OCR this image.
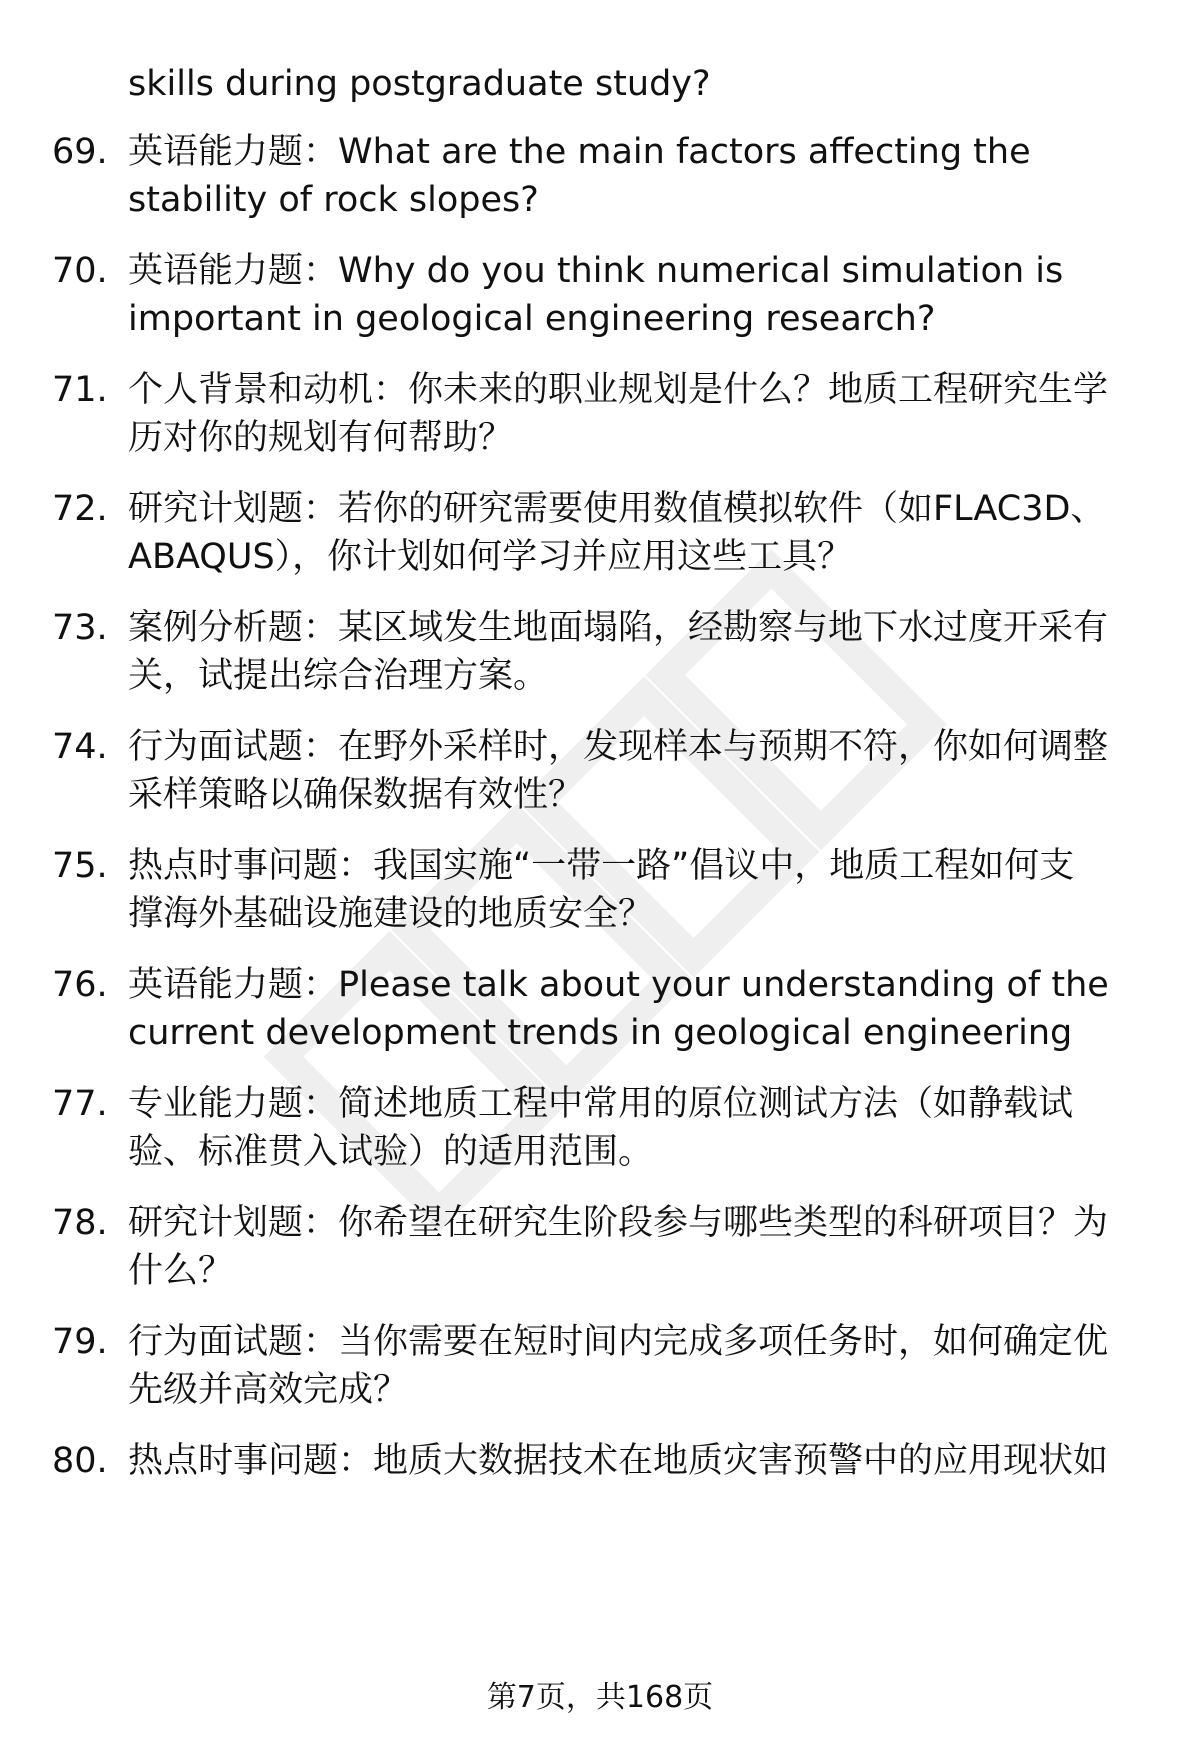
skills during postgraduate study?
69. 英语能力题：What are the main factors affecting the
stability of rock slopes?
70. 英语能力题：Why do you think numerical simulation is
important in geological engineering research?
71. 个人背景和动机：你未来的职业规划是什么？地质工程研究生学
历对你的规划有何帮助？
72. 研究计划题：若你的研究需要使用数值模拟软件（如FLAC3D、
ABAQUS），你计划如何学习并应用这些工具？
73. 案例分析题：某区域发生地面塌陷，经勘察与地下水过度开采有
关，试提出综合治理方案。
74. 行为面试题：在野外采样时，发现样本与预期不符，你如何调整
采样策略以确保数据有效性？
75. 热点时事问题：我国实施“一带一路”倡议中，地质工程如何支
撑海外基础设施建设的地质安全？
76. 英语能力题：Please talk about your understanding of the
current development trends in geological engineering
77. 专业能力题：简述地质工程中常用的原位测试方法（如静载试
验、标准贯入试验）的适用范围。
78. 研究计划题：你希望在研究生阶段参与哪些类型的科研项目？为
什么？
79. 行为面试题：当你需要在短时间内完成多项任务时，如何确定优
先级并高效完成？
80. 热点时事问题：地质大数据技术在地质灾害预警中的应用现状如
第7页，共168页
